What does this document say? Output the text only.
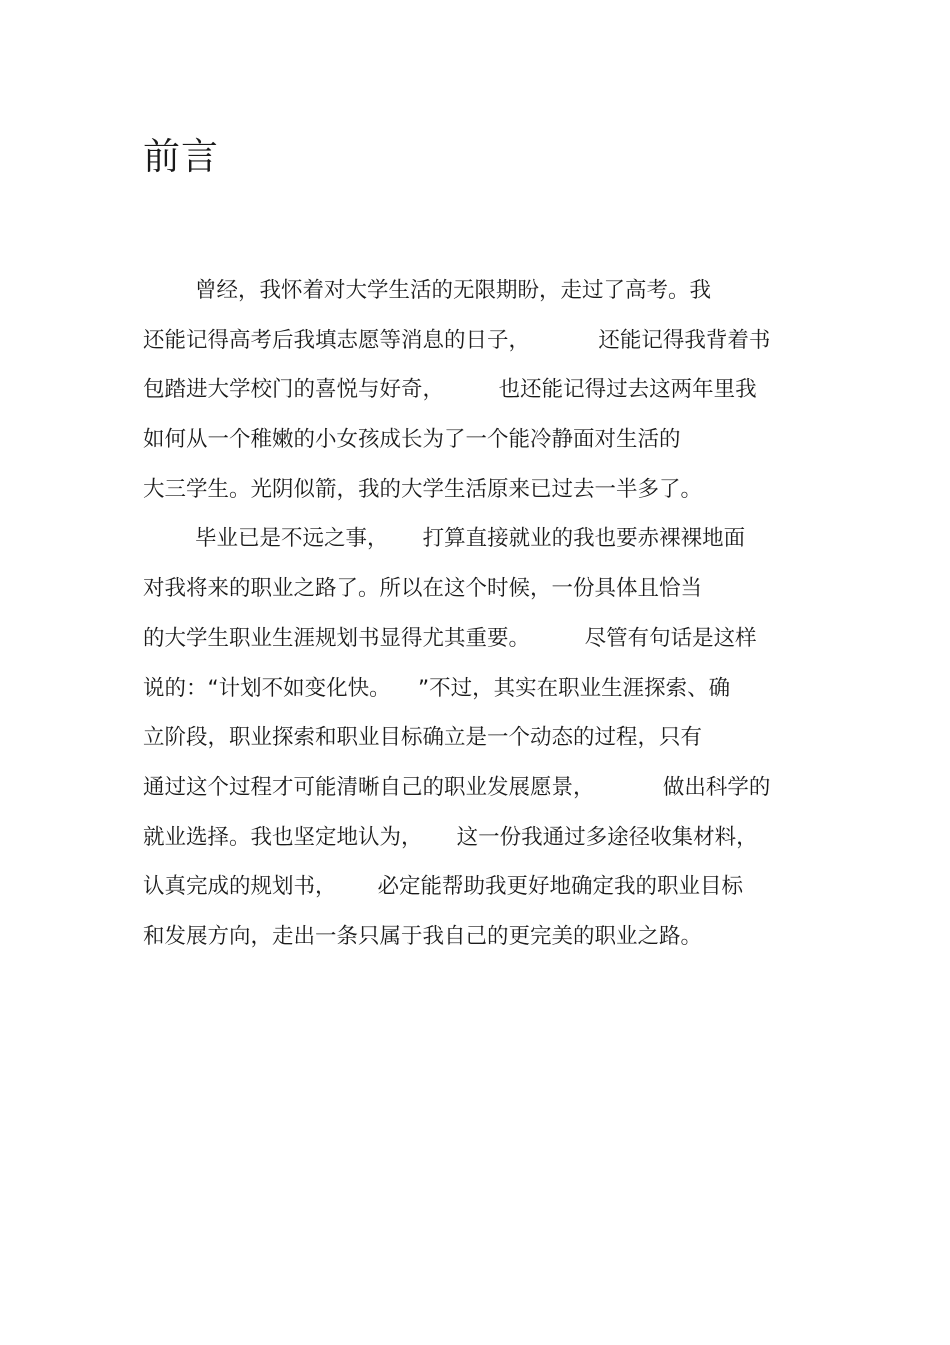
前言
曾经，我怀着对大学生活的无限期盼，走过了高考。我
还能记得高考后我填志愿等消息的日子，          还能记得我背着书
包踏进大学校门的喜悦与好奇，        也还能记得过去这两年里我
如何从一个稚嫩的小女孩成长为了一个能冷静面对生活的
大三学生。光阴似箭，我的大学生活原来已过去一半多了。
毕业已是不远之事，     打算直接就业的我也要赤裸裸地面
对我将来的职业之路了。所以在这个时候，一份具体且恰当
的大学生职业生涯规划书显得尤其重要。        尽管有句话是这样
说的：“计划不如变化快。    ”不过，其实在职业生涯探索、确
立阶段，职业探索和职业目标确立是一个动态的过程，只有
通过这个过程才可能清晰自己的职业发展愿景，          做出科学的
就业选择。我也坚定地认为，     这一份我通过多途径收集材料，
认真完成的规划书，      必定能帮助我更好地确定我的职业目标
和发展方向，走出一条只属于我自己的更完美的职业之路。
